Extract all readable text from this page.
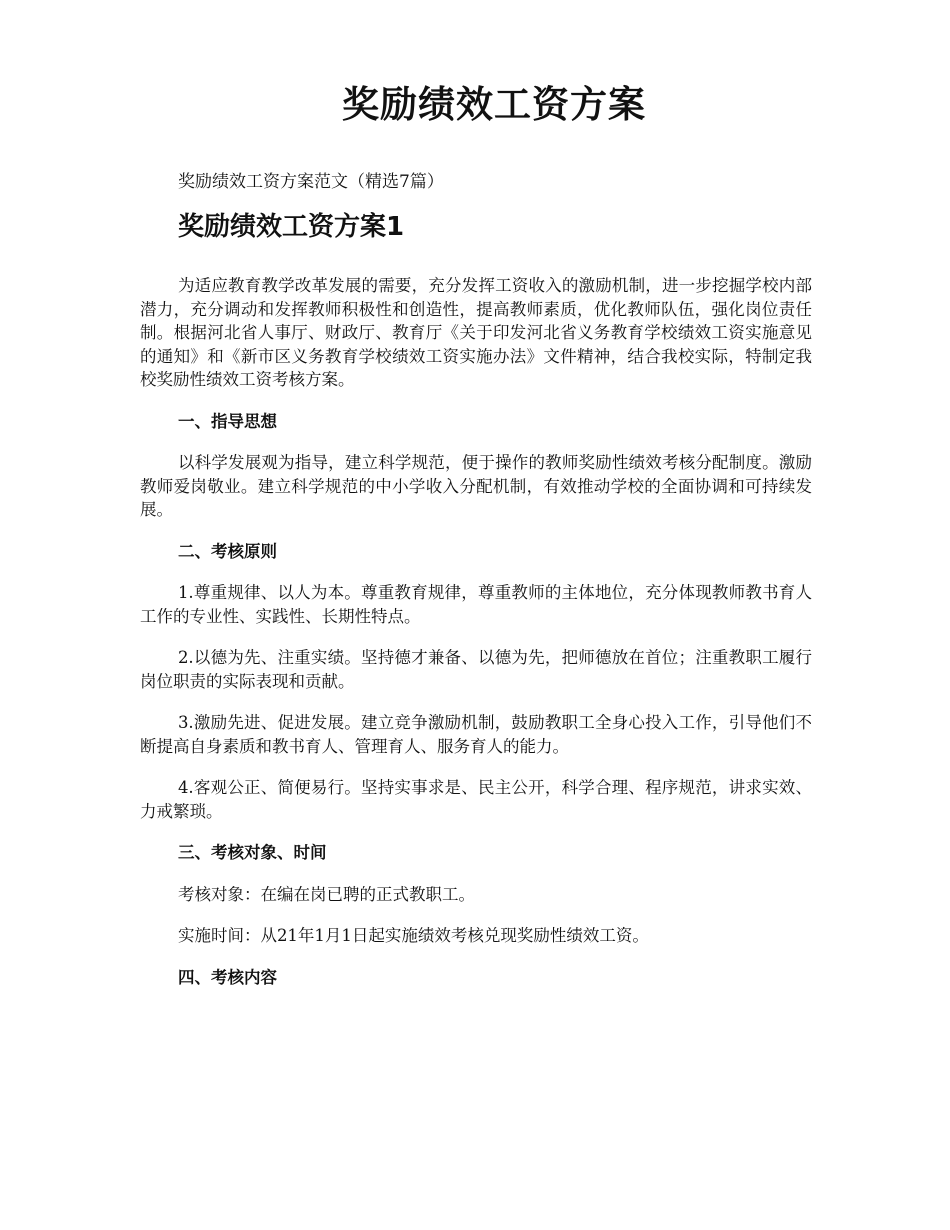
奖励绩效工资方案

奖励绩效工资方案范文（精选7篇）

奖励绩效工资方案1

为适应教育教学改革发展的需要，充分发挥工资收入的激励机制，进一步挖掘学校内部潜力，充分调动和发挥教师积极性和创造性，提高教师素质，优化教师队伍，强化岗位责任制。根据河北省人事厅、财政厅、教育厅《关于印发河北省义务教育学校绩效工资实施意见的通知》和《新市区义务教育学校绩效工资实施办法》文件精神，结合我校实际，特制定我校奖励性绩效工资考核方案。

一、指导思想

以科学发展观为指导，建立科学规范，便于操作的教师奖励性绩效考核分配制度。激励教师爱岗敬业。建立科学规范的中小学收入分配机制，有效推动学校的全面协调和可持续发展。

二、考核原则

1.尊重规律、以人为本。尊重教育规律，尊重教师的主体地位，充分体现教师教书育人工作的专业性、实践性、长期性特点。

2.以德为先、注重实绩。坚持德才兼备、以德为先，把师德放在首位；注重教职工履行岗位职责的实际表现和贡献。

3.激励先进、促进发展。建立竞争激励机制，鼓励教职工全身心投入工作，引导他们不断提高自身素质和教书育人、管理育人、服务育人的能力。

4.客观公正、简便易行。坚持实事求是、民主公开，科学合理、程序规范，讲求实效、力戒繁琐。

三、考核对象、时间

考核对象：在编在岗已聘的正式教职工。

实施时间：从21年1月1日起实施绩效考核兑现奖励性绩效工资。

四、考核内容
